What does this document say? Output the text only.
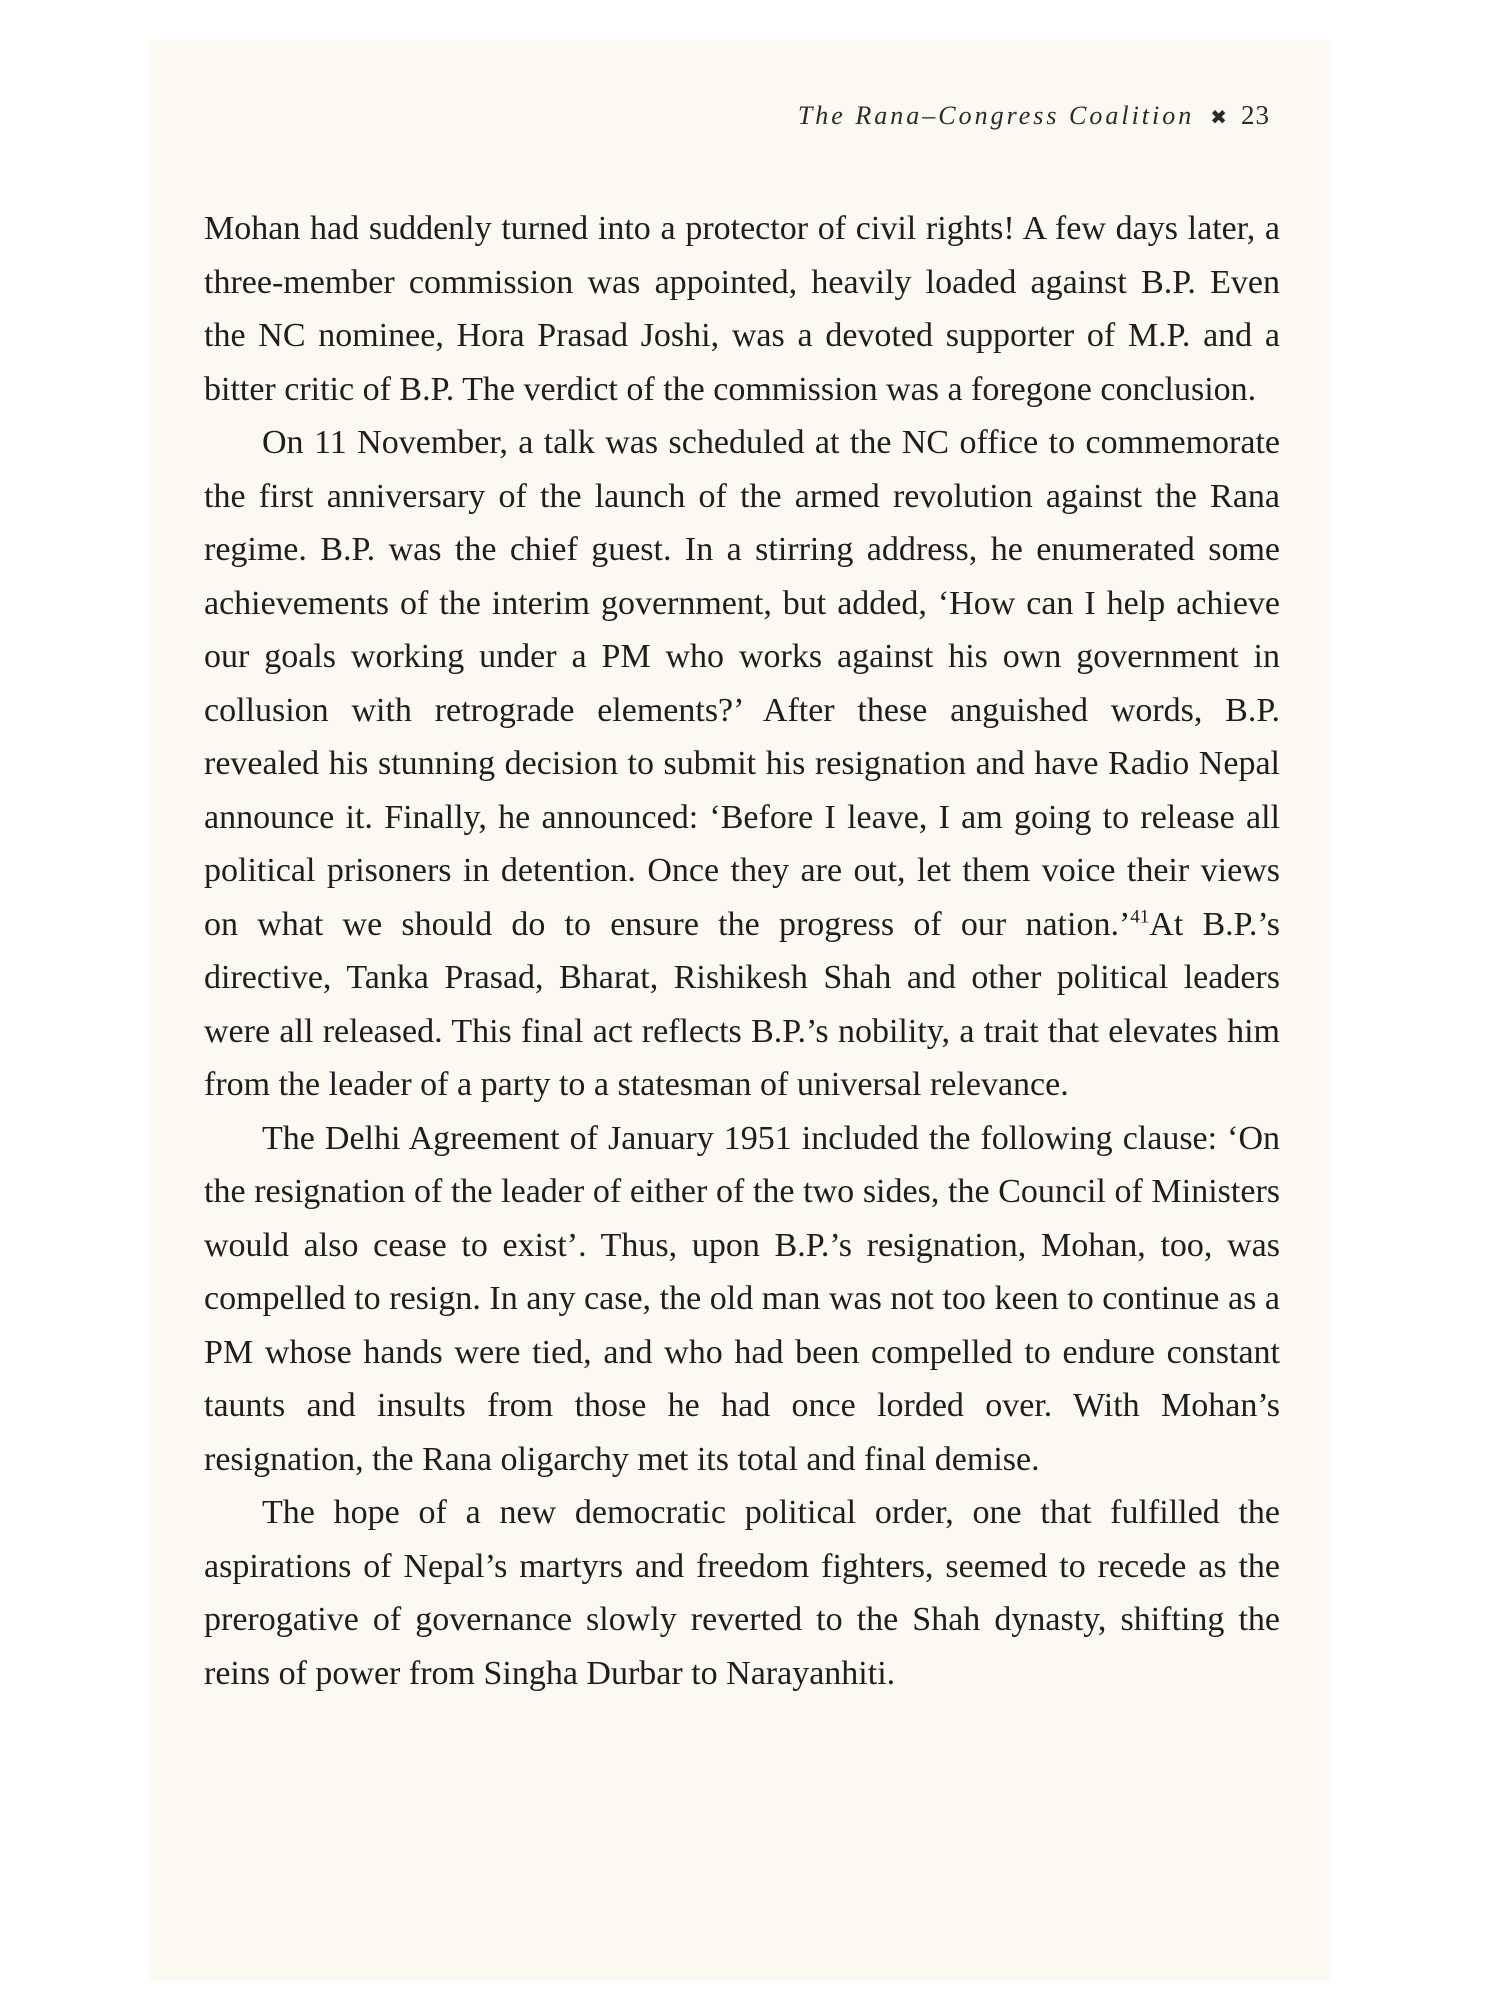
The Rana–Congress Coalition ✖ 23

Mohan had suddenly turned into a protector of civil rights! A few days later, a three-member commission was appointed, heavily loaded against B.P. Even the NC nominee, Hora Prasad Joshi, was a devoted supporter of M.P. and a bitter critic of B.P. The verdict of the commission was a foregone conclusion.

On 11 November, a talk was scheduled at the NC office to commemorate the first anniversary of the launch of the armed revolution against the Rana regime. B.P. was the chief guest. In a stirring address, he enumerated some achievements of the interim government, but added, ‘How can I help achieve our goals working under a PM who works against his own government in collusion with retrograde elements?’ After these anguished words, B.P. revealed his stunning decision to submit his resignation and have Radio Nepal announce it. Finally, he announced: ‘Before I leave, I am going to release all political prisoners in detention. Once they are out, let them voice their views on what we should do to ensure the progress of our nation.’$^{41}$At B.P.’s directive, Tanka Prasad, Bharat, Rishikesh Shah and other political leaders were all released. This final act reflects B.P.’s nobility, a trait that elevates him from the leader of a party to a statesman of universal relevance.

The Delhi Agreement of January 1951 included the following clause: ‘On the resignation of the leader of either of the two sides, the Council of Ministers would also cease to exist’. Thus, upon B.P.’s resignation, Mohan, too, was compelled to resign. In any case, the old man was not too keen to continue as a PM whose hands were tied, and who had been compelled to endure constant taunts and insults from those he had once lorded over. With Mohan’s resignation, the Rana oligarchy met its total and final demise.

The hope of a new democratic political order, one that fulfilled the aspirations of Nepal’s martyrs and freedom fighters, seemed to recede as the prerogative of governance slowly reverted to the Shah dynasty, shifting the reins of power from Singha Durbar to Narayanhiti.
